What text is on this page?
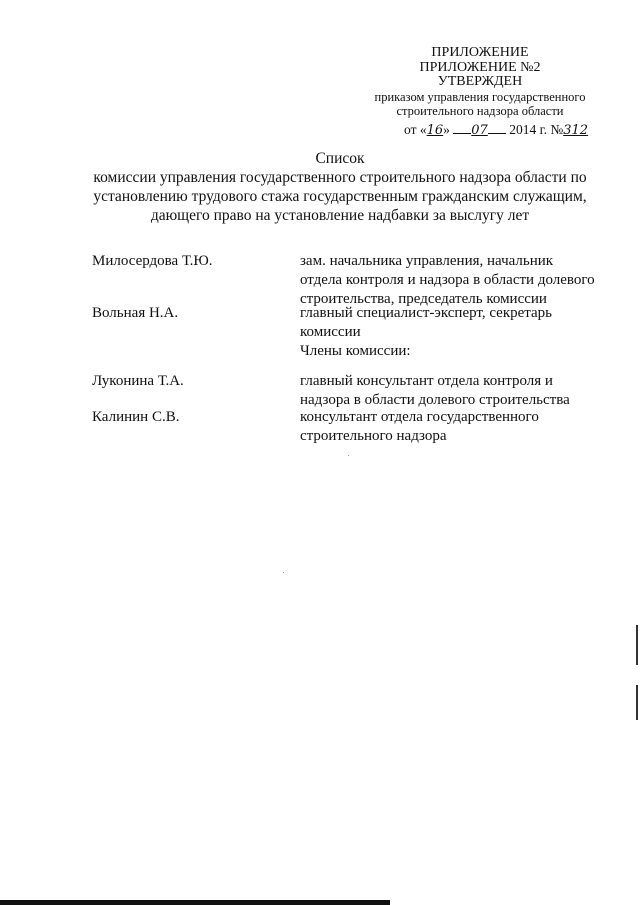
ПРИЛОЖЕНИЕ
ПРИЛОЖЕНИЕ №2
УТВЕРЖДЕН
приказом управления государственного
строительного надзора области
от «16» 07 2014 г. №312
Список
комиссии управления государственного строительного надзора области по
установлению трудового стажа государственным гражданским служащим,
дающего право на установление надбавки за выслугу лет
Милосердова Т.Ю.	зам. начальника управления, начальник
отдела контроля и надзора в области долевого
строительства, председатель комиссии
Вольная Н.А.	главный специалист-эксперт, секретарь
комиссии
Члены комиссии:
Луконина Т.А.	главный консультант отдела контроля и
надзора в области долевого строительства
Калинин С.В.	консультант отдела государственного
строительного надзора
